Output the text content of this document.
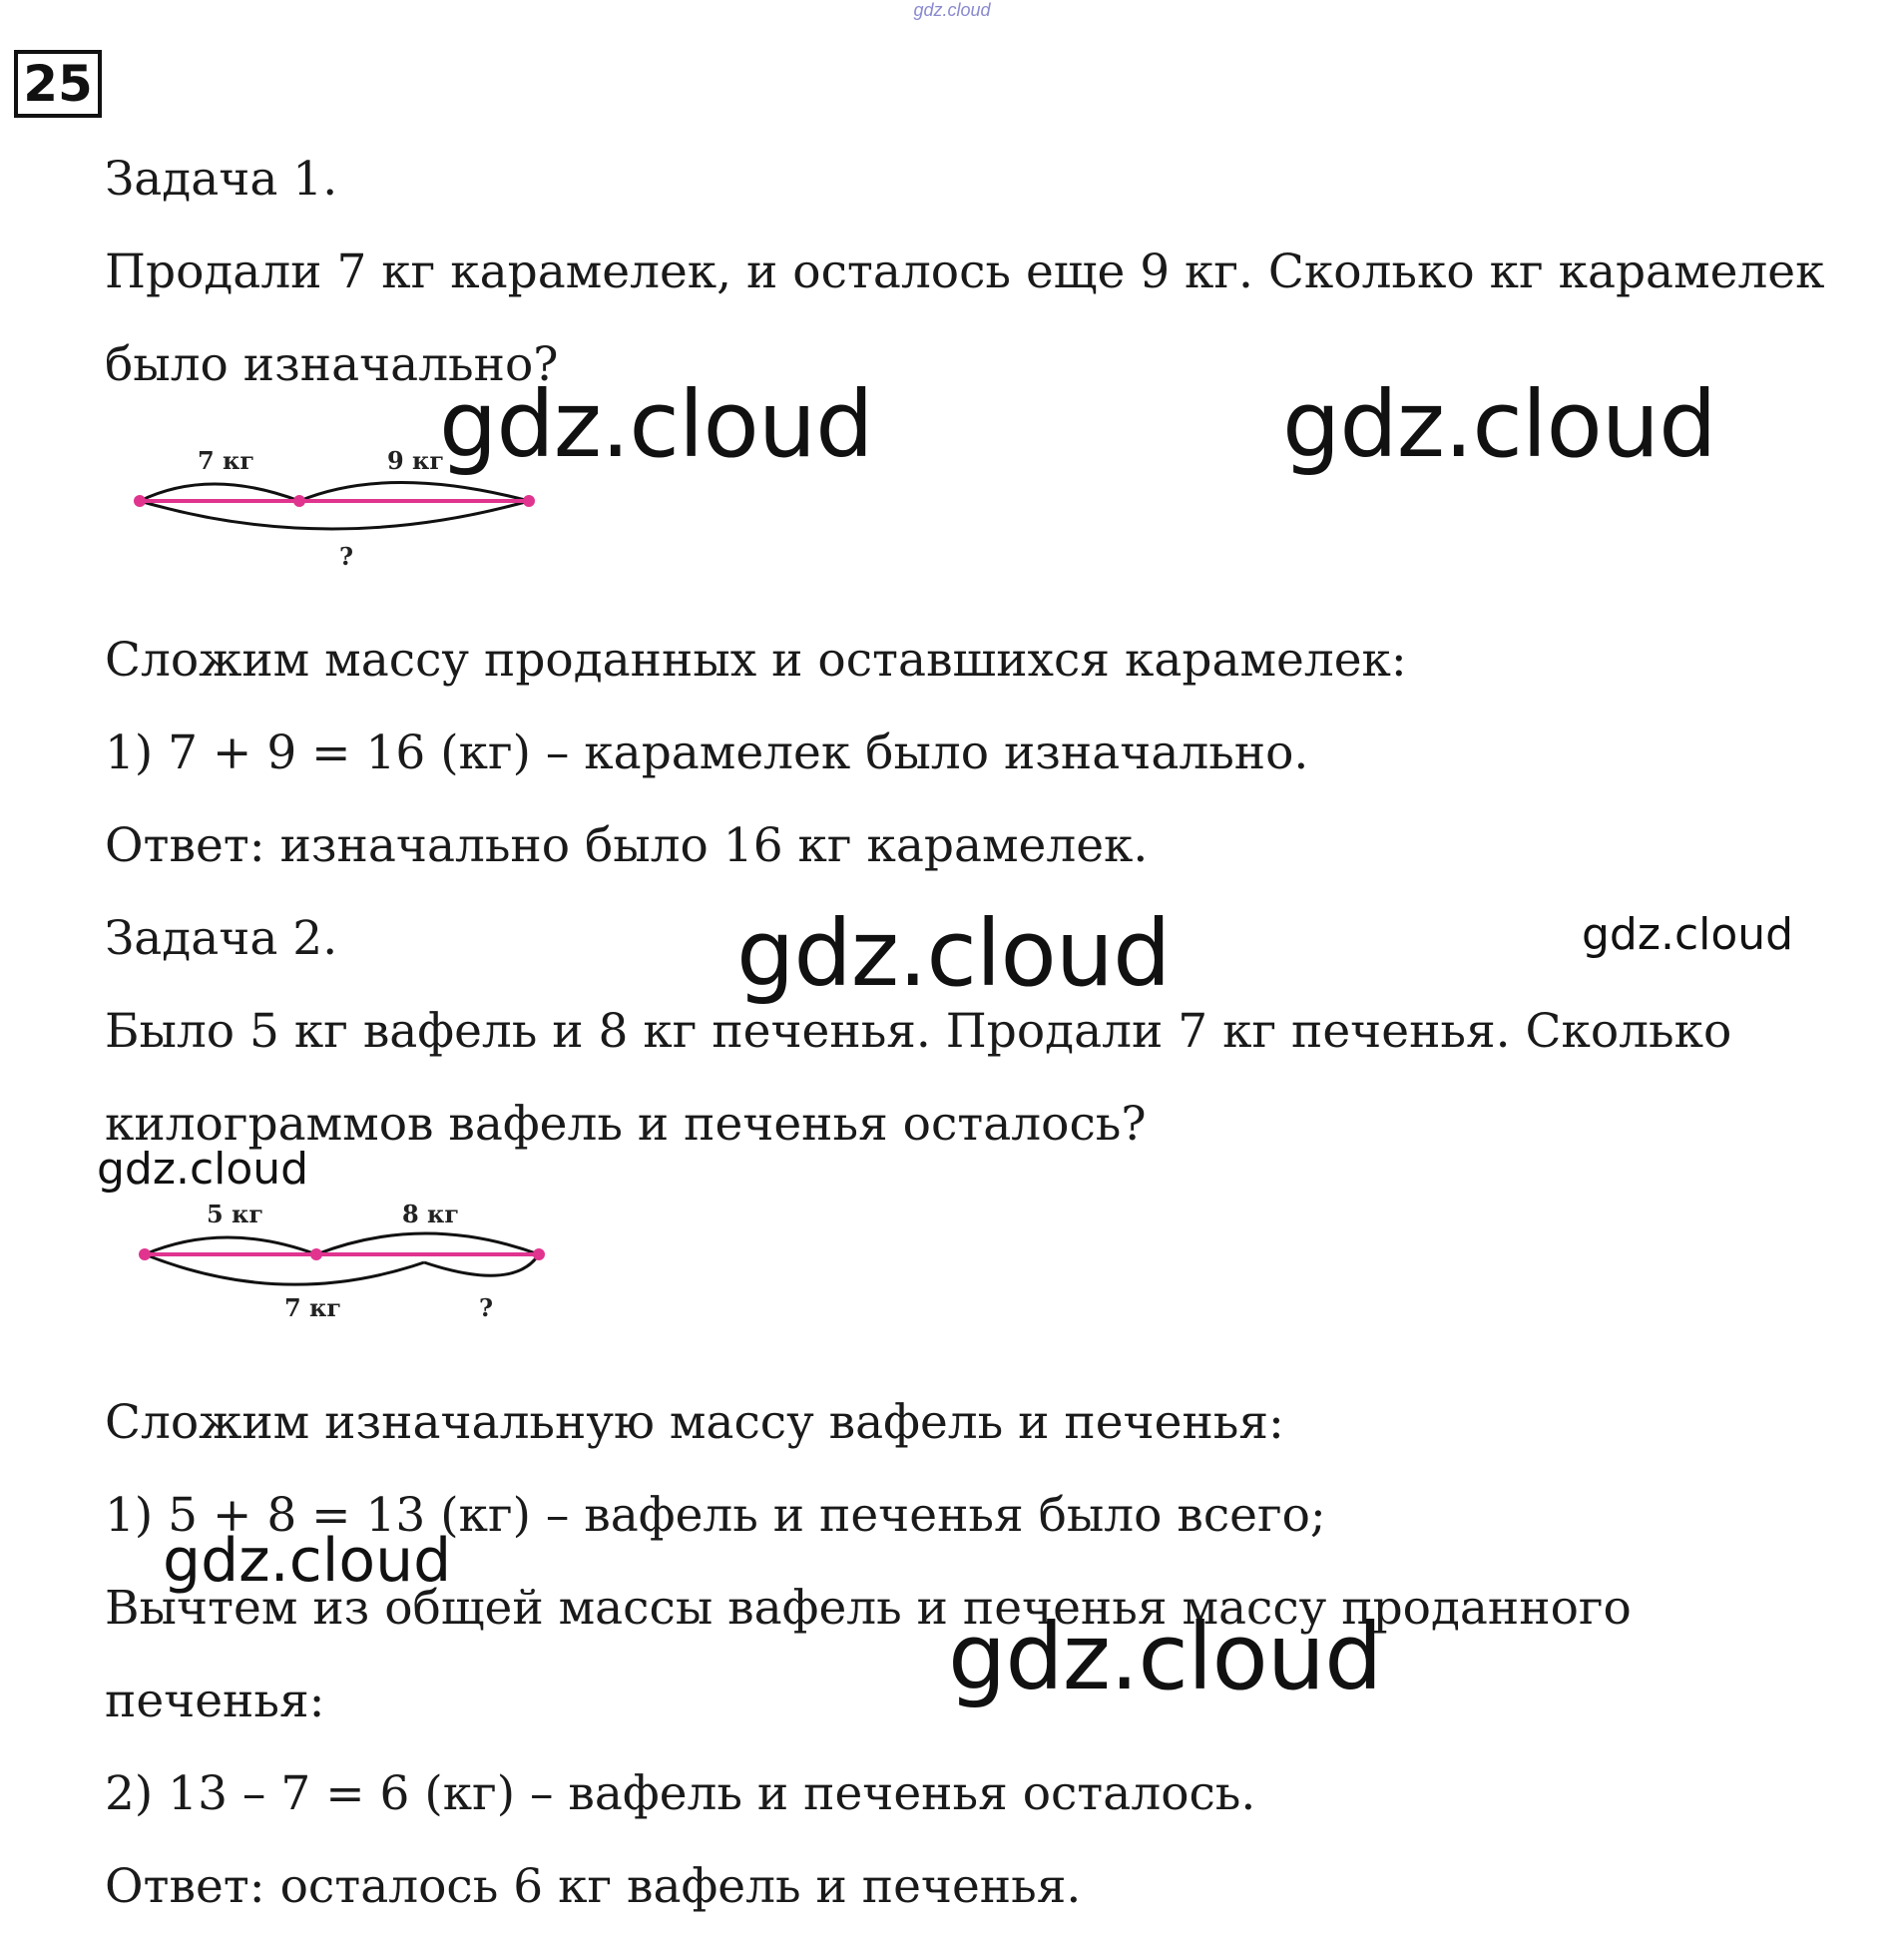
gdz.cloud
25
Задача 1.
Продали 7 кг карамелек, и осталось еще 9 кг. Сколько кг карамелек
было изначально?
7 кг	9 кг
?
Сложим массу проданных и оставшихся карамелек:
1) 7 + 9 = 16 (кг) – карамелек было изначально.
Ответ: изначально было 16 кг карамелек.
Задача 2.
Было 5 кг вафель и 8 кг печенья. Продали 7 кг печенья. Сколько
килограммов вафель и печенья осталось?
5 кг	8 кг
7 кг	?
Сложим изначальную массу вафель и печенья:
1) 5 + 8 = 13 (кг) – вафель и печенья было всего;
Вычтем из общей массы вафель и печенья массу проданного
печенья:
2) 13 – 7 = 6 (кг) – вафель и печенья осталось.
Ответ: осталось 6 кг вафель и печенья.
gdz.cloud	gdz.cloud
gdz.cloud	gdz.cloud
gdz.cloud
gdz.cloud
gdz.cloud
